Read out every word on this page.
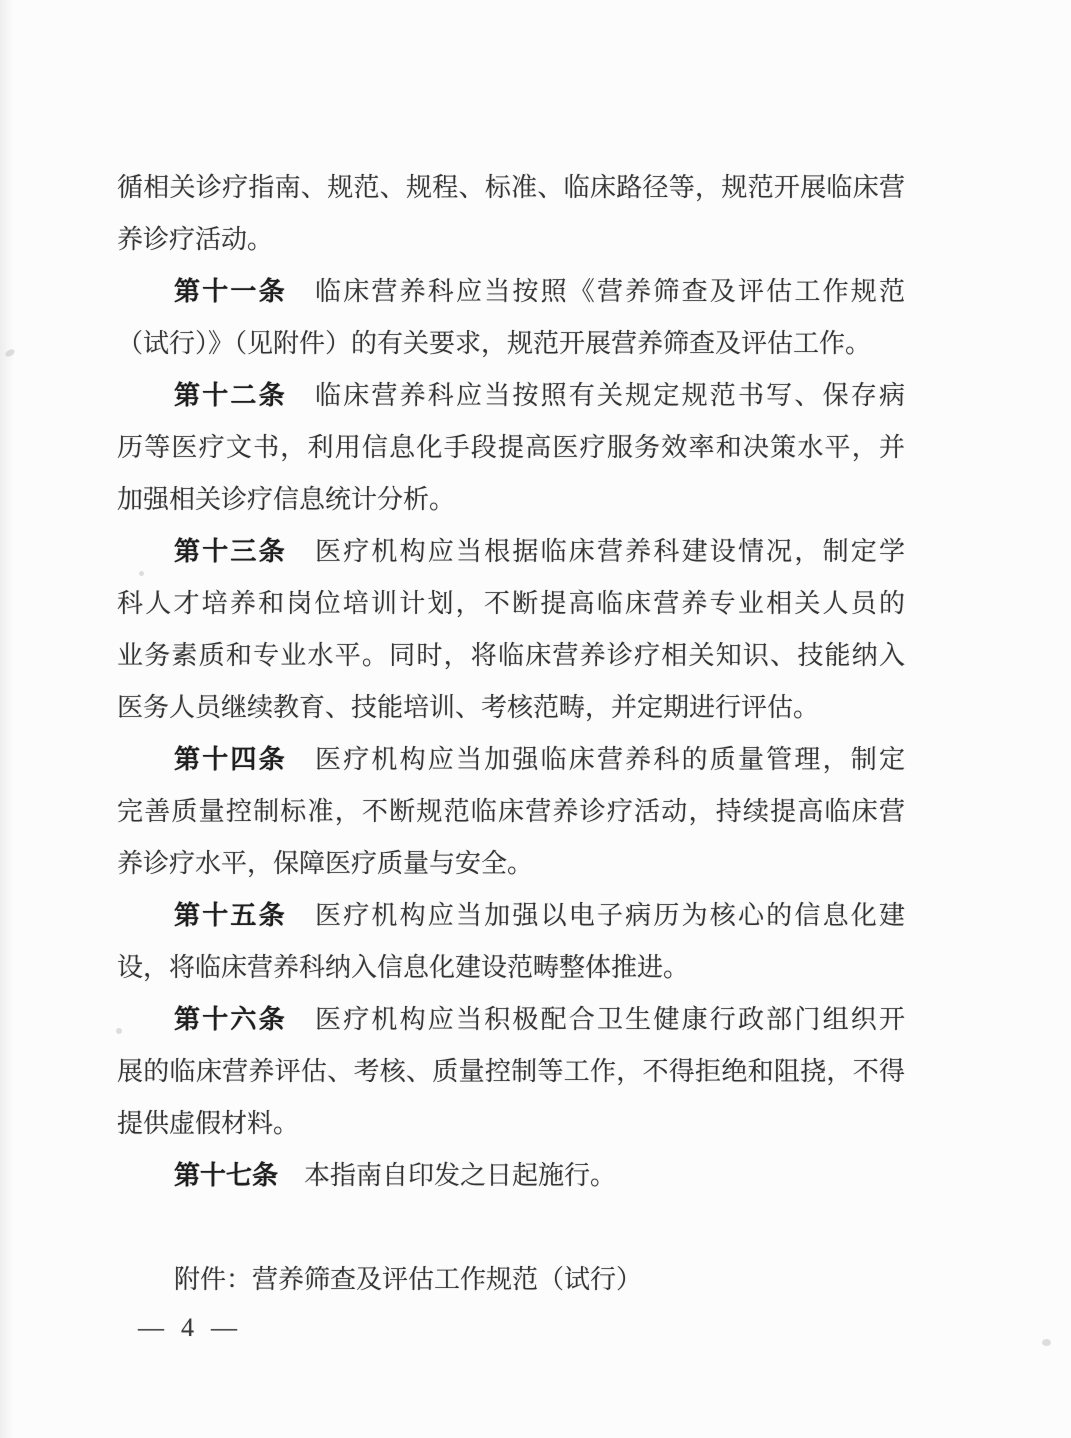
循相关诊疗指南、规范、规程、标准、临床路径等，规范开展临床营
养诊疗活动。
第十一条　临床营养科应当按照《营养筛查及评估工作规范
（试行）》（见附件）的有关要求，规范开展营养筛查及评估工作。
第十二条　临床营养科应当按照有关规定规范书写、保存病
历等医疗文书，利用信息化手段提高医疗服务效率和决策水平，并
加强相关诊疗信息统计分析。
第十三条　医疗机构应当根据临床营养科建设情况，制定学
科人才培养和岗位培训计划，不断提高临床营养专业相关人员的
业务素质和专业水平。同时，将临床营养诊疗相关知识、技能纳入
医务人员继续教育、技能培训、考核范畴，并定期进行评估。
第十四条　医疗机构应当加强临床营养科的质量管理，制定
完善质量控制标准，不断规范临床营养诊疗活动，持续提高临床营
养诊疗水平，保障医疗质量与安全。
第十五条　医疗机构应当加强以电子病历为核心的信息化建
设，将临床营养科纳入信息化建设范畴整体推进。
第十六条　医疗机构应当积极配合卫生健康行政部门组织开
展的临床营养评估、考核、质量控制等工作，不得拒绝和阻挠，不得
提供虚假材料。
第十七条　本指南自印发之日起施行。
附件：营养筛查及评估工作规范（试行）
— 4 —
